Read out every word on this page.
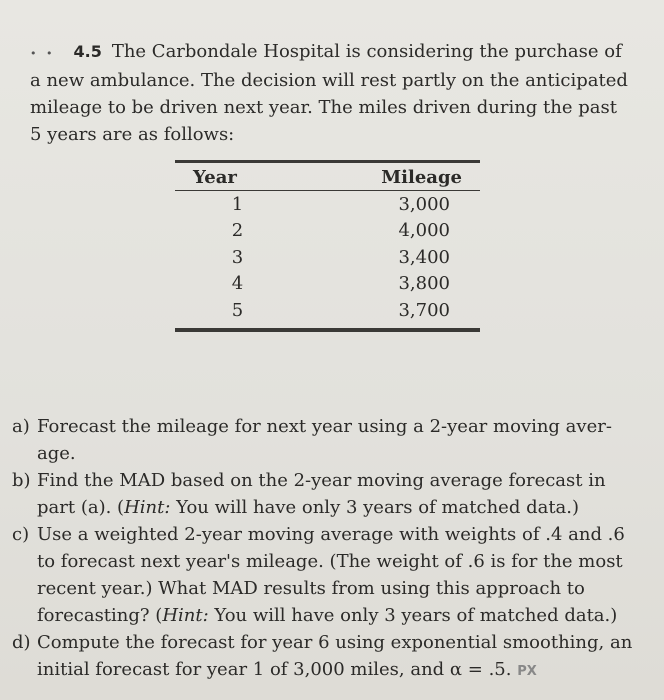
• • 4.5 The Carbondale Hospital is considering the purchase of a new ambulance. The decision will rest partly on the anticipated mileage to be driven next year. The miles driven during the past 5 years are as follows:
Year	Mileage
1	3,000
2	4,000
3	3,400
4	3,800
5	3,700
a) Forecast the mileage for next year using a 2-year moving aver-age.
b) Find the MAD based on the 2-year moving average forecast in part (a). (Hint: You will have only 3 years of matched data.)
c) Use a weighted 2-year moving average with weights of .4 and .6 to forecast next year's mileage. (The weight of .6 is for the most recent year.) What MAD results from using this approach to forecasting? (Hint: You will have only 3 years of matched data.)
d) Compute the forecast for year 6 using exponential smoothing, an initial forecast for year 1 of 3,000 miles, and α = .5. PX
